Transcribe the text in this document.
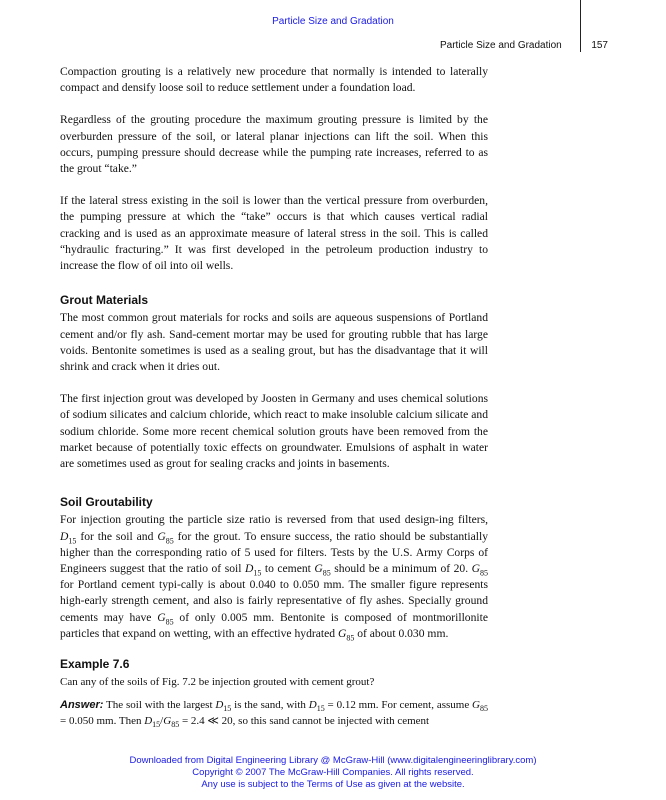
Particle Size and Gradation
Particle Size and Gradation	157

Compaction grouting is a relatively new procedure that normally is intended to laterally compact and densify loose soil to reduce settlement under a foundation load.

Regardless of the grouting procedure the maximum grouting pressure is limited by the overburden pressure of the soil, or lateral planar injections can lift the soil. When this occurs, pumping pressure should decrease while the pumping rate increases, referred to as the grout “take.”

If the lateral stress existing in the soil is lower than the vertical pressure from overburden, the pumping pressure at which the “take” occurs is that which causes vertical radial cracking and is used as an approximate measure of lateral stress in the soil. This is called “hydraulic fracturing.” It was first developed in the petroleum production industry to increase the flow of oil into oil wells.

Grout Materials

The most common grout materials for rocks and soils are aqueous suspensions of Portland cement and/or fly ash. Sand-cement mortar may be used for grouting rubble that has large voids. Bentonite sometimes is used as a sealing grout, but has the disadvantage that it will shrink and crack when it dries out.

The first injection grout was developed by Joosten in Germany and uses chemical solutions of sodium silicates and calcium chloride, which react to make insoluble calcium silicate and sodium chloride. Some more recent chemical solution grouts have been removed from the market because of potentially toxic effects on groundwater. Emulsions of asphalt in water are sometimes used as grout for sealing cracks and joints in basements.

Soil Groutability

For injection grouting the particle size ratio is reversed from that used design-ing filters, $D_{15}$ for the soil and $G_{85}$ for the grout. To ensure success, the ratio should be substantially higher than the corresponding ratio of 5 used for filters. Tests by the U.S. Army Corps of Engineers suggest that the ratio of soil $D_{15}$ to cement $G_{85}$ should be a minimum of 20. $G_{85}$ for Portland cement typi-cally is about 0.040 to 0.050 mm. The smaller figure represents high-early strength cement, and also is fairly representative of fly ashes. Specially ground cements may have $G_{85}$ of only 0.005 mm. Bentonite is composed of montmorillonite particles that expand on wetting, with an effective hydrated $G_{85}$ of about 0.030 mm.

Example 7.6

Can any of the soils of Fig. 7.2 be injection grouted with cement grout?

Answer: The soil with the largest $D_{15}$ is the sand, with $D_{15} = 0.12$ mm. For cement, assume $G_{85} = 0.050$ mm. Then $D_{15}/G_{85} = 2.4$ ≪ 20, so this sand cannot be injected with cement

Downloaded from Digital Engineering Library @ McGraw-Hill (www.digitalengineeringlibrary.com)
Copyright © 2007 The McGraw-Hill Companies. All rights reserved.
Any use is subject to the Terms of Use as given at the website.
